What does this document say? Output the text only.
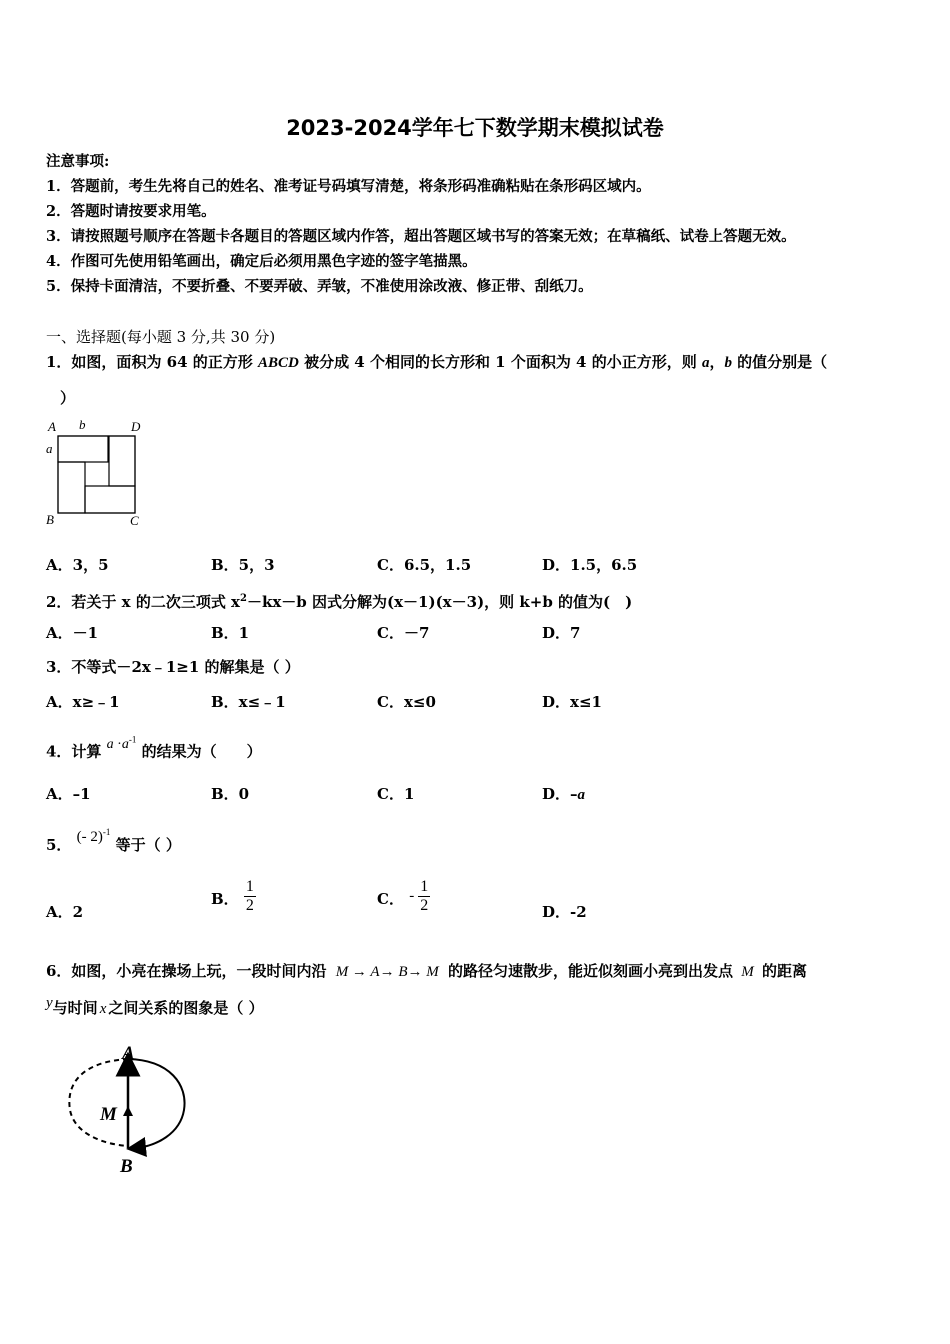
2023-2024学年七下数学期末模拟试卷
注意事项:
1．答题前，考生先将自己的姓名、准考证号码填写清楚，将条形码准确粘贴在条形码区域内。
2．答题时请按要求用笔。
3．请按照题号顺序在答题卡各题目的答题区域内作答，超出答题区域书写的答案无效；在草稿纸、试卷上答题无效。
4．作图可先使用铅笔画出，确定后必须用黑色字迹的签字笔描黑。
5．保持卡面清洁，不要折叠、不要弄破、弄皱，不准使用涂改液、修正带、刮纸刀。
一、选择题(每小题 3 分,共 30 分)
1．如图，面积为 64 的正方形 ABCD 被分成 4 个相同的长方形和 1 个面积为 4 的小正方形，则 a，b 的值分别是（
）
A b	D
a
B	C
A．3，5	B．5，3	C．6.5，1.5	D．1.5，6.5
2．若关于 x 的二次三项式 $x^2-kx-b$ 因式分解为(x－1)(x－3)，则 k+b 的值为(　)
A．－1	B．1	C．－7	D．7
3．不等式－2x﹣1≥1 的解集是（ ）
A．x≥﹣1	B．x≤﹣1	C．x≤0	D．x≤1
4．计算 $a \cdot a^{-1}$ 的结果为（　　）
A．–1	B．0	C．1	D．–a
5． (- 2)$^{-1}$ 等于（ ）
A．2
B． $\frac{1}{2}$	C． - $\frac{1}{2}$	D．-2
6．如图，小亮在操场上玩，一段时间内沿 M → A→ B→ M 的路径匀速散步，能近似刻画小亮到出发点 M 的距离
y与时间 x 之间关系的图象是（ ）
A
M
B
